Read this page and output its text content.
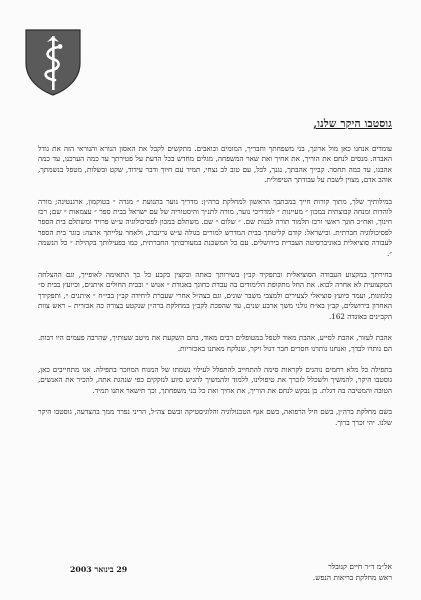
גוסטבו היקר שלנו,

עומדים אנחנו כאן מול ארונך, בני משפחתך וחבריך, המומים וכואבים. מתקשים לקבל את האסון הנורא והנוראי הזה את גודל האבדה. מנסים לנחם את הוריך, את אחיך ואת שאר המשפחה, מגלים מחדש בכל הדעת על פטירתך עד כמה הערכנו, עד כמה אהבנו, עד כמה תחסר. קבייך אהבתך, נגנך, לכל, עם טוב לב נצחי, תמיד עם חיוך ודבר עידוד, שקט ובשלות, מטפל בנשמתך, אוהב אדם, מצוין לשבת על עבודתך הטיפולית.

במילותיך שלך, מתוך קורות חייך במכתבך הראשון למחלקת ברה״ן: מדריך נוער בתנועת ״ מגדה ״ בטוקמון, ארגנטינה; מורה לוהדות ומנחה קבוצתית במכון ״ מעיינות ״ למדריכי נוער, מורה לתנ״ך והיסטוריה של עם ישראל בבית ספר ״ עצמאות ״ שם; רכז חינוך, ואח״כ חונך ראשי ורכז תלמוד תורה לבנות שם. ״ שלום ״ שם. משתלם במכון לפסיכולוגיה ע״ש פרויד ומשתלם בית הספר לפסיכולוגיה חברתית. ובישראל: קודם קליטתך בבית המדרש למורים בגולה ע״ש גרינברג, ולאחר עלייתך ארצה: בוגר בית הספר לעבודה סוציאלית באוניברסיטה העברית בירושלים. עם כל המשכנת במעורבותך החברתית, כמו בפעילותך בקהילת ״ כל הנשמה ״.

בחירתך במקצוע העבודה הסוציאלית ובתפקיד קב״ן בשירותך כאתה וכקצין בקבע כל כך התאימה לאופייך, וגם ההצלחה המקצועית לא אחרה לבוא. את החל מתקופת הלימודים בה עבדת כחונך באגודת ״ אנוש ״ ובבית החולים איתנים, וכיועץ בבית ס״ כלמונות, ועמד כיועץ סוציאלי לצעירים ולמצבי משבר שונים, וגם בצה״ל אחרי שעברת ליחידה קב״ן בבי״ח ״ איתנים ״, ותפקידך האחרון בירושלים, קב״ן בא״ח גולני משך ארבע שנים, עד שהפכת לקב״ן במחלקת ברה״ן שנקטע בצורה כה אכזרית – ראש צוות הקב״נים באוגדה 162.

אהבת לעזור, אהבת לסייע, אהבת מאוד לטפל במטופלים רבים מאוד, בהם השקעת את מיטב שעותיך, שהרבה פעמים היו רבות. הם נותרו לבדך, ואנחנו נותרנו חסרים חבר דגול ויקר, שנלקח מאתנו באכזריות.

בתפילה כל מלא רחמים נוהגים לקראות סימה להתחייב להתפלל לעילוי נשמתו של המנוח המוזכר בתפילה. אנו מתחייבים כאן, גוסטבו היקר, להמשיך ולשכלל לזכרך את טיפולינו, ללמוד ולהמשיך להגיש סיוע לנזקקים כפי שנהגת אתה, להכיר את האנשים, הטובה והמטיבה בה דגלת. כן נבקש לנחם את הוריך, את אחיך ואת כל בני משפחתך, וכך תישאר אתנו תמיד.

בשם מחלקת ברה״ן, בשם חיל הרפואה, בשם אגף הטכנולוגיה והלוגיסטיקה ובשם צה״ל, הריני נפרד ממך בהצדעה, גוסטבו היקר שלנו. יהי זכרך ברוך.

אל״מ ד״ר חיים קנובלר
ראש מחלקת בריאות הנפש.
29 בינואר 2003
